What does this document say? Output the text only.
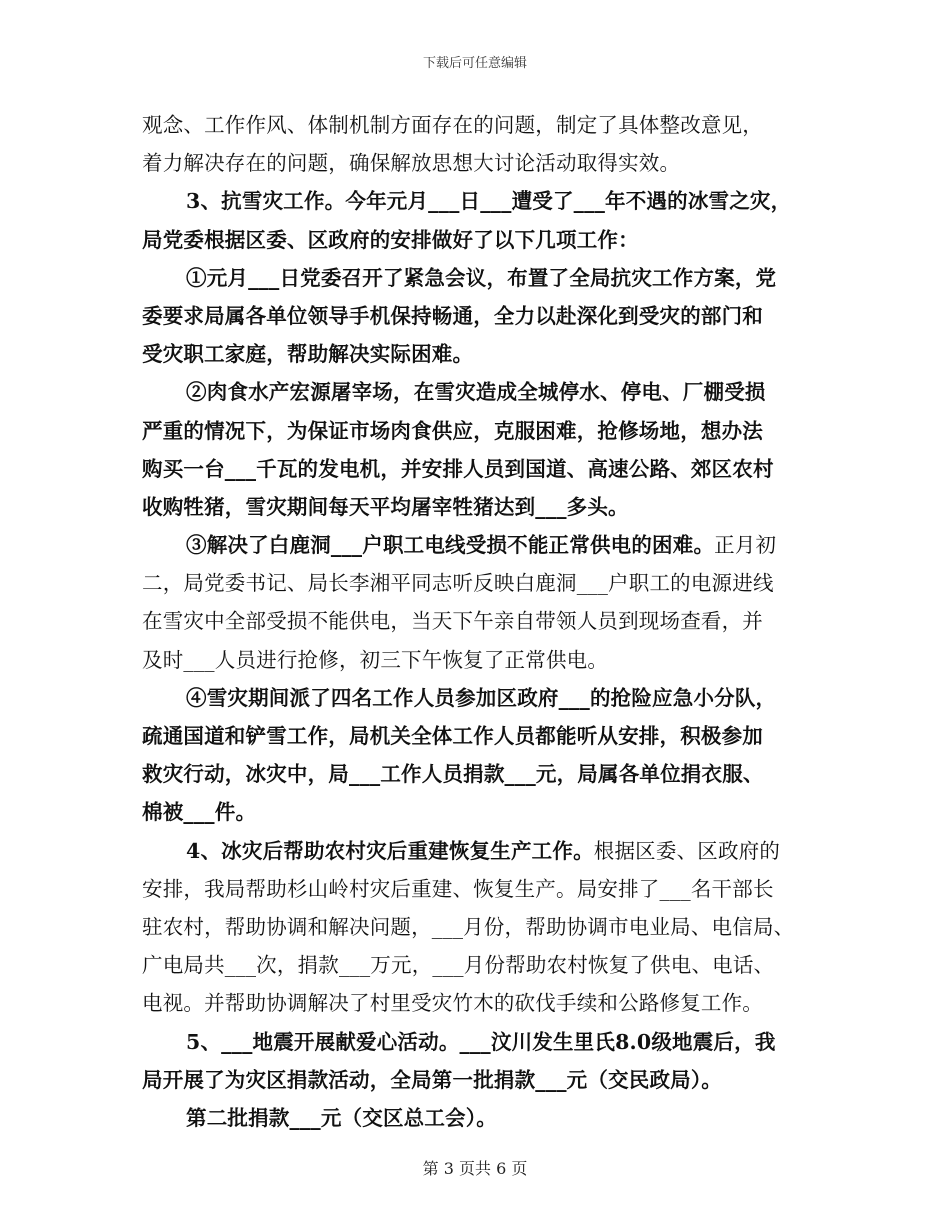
下载后可任意编辑
观念、工作作风、体制机制方面存在的问题，制定了具体整改意见，
着力解决存在的问题，确保解放思想大讨论活动取得实效。
3、抗雪灾工作。今年元月___日___遭受了___年不遇的冰雪之灾，
局党委根据区委、区政府的安排做好了以下几项工作：
①元月___日党委召开了紧急会议，布置了全局抗灾工作方案，党
委要求局属各单位领导手机保持畅通，全力以赴深化到受灾的部门和
受灾职工家庭，帮助解决实际困难。
②肉食水产宏源屠宰场，在雪灾造成全城停水、停电、厂棚受损
严重的情况下，为保证市场肉食供应，克服困难，抢修场地，想办法
购买一台___千瓦的发电机，并安排人员到国道、高速公路、郊区农村
收购牲猪，雪灾期间每天平均屠宰牲猪达到___多头。
③解决了白鹿洞___户职工电线受损不能正常供电的困难。正月初
二，局党委书记、局长李湘平同志听反映白鹿洞___户职工的电源进线
在雪灾中全部受损不能供电，当天下午亲自带领人员到现场查看，并
及时___人员进行抢修，初三下午恢复了正常供电。
④雪灾期间派了四名工作人员参加区政府___的抢险应急小分队，
疏通国道和铲雪工作，局机关全体工作人员都能听从安排，积极参加
救灾行动，冰灾中，局___工作人员捐款___元，局属各单位捐衣服、
棉被___件。
4、冰灾后帮助农村灾后重建恢复生产工作。根据区委、区政府的
安排，我局帮助杉山岭村灾后重建、恢复生产。局安排了___名干部长
驻农村，帮助协调和解决问题，___月份，帮助协调市电业局、电信局、
广电局共___次，捐款___万元，___月份帮助农村恢复了供电、电话、
电视。并帮助协调解决了村里受灾竹木的砍伐手续和公路修复工作。
5、___地震开展献爱心活动。___汶川发生里氏8.0级地震后，我
局开展了为灾区捐款活动，全局第一批捐款___元（交民政局）。
第二批捐款___元（交区总工会）。
第 3 页共 6 页
